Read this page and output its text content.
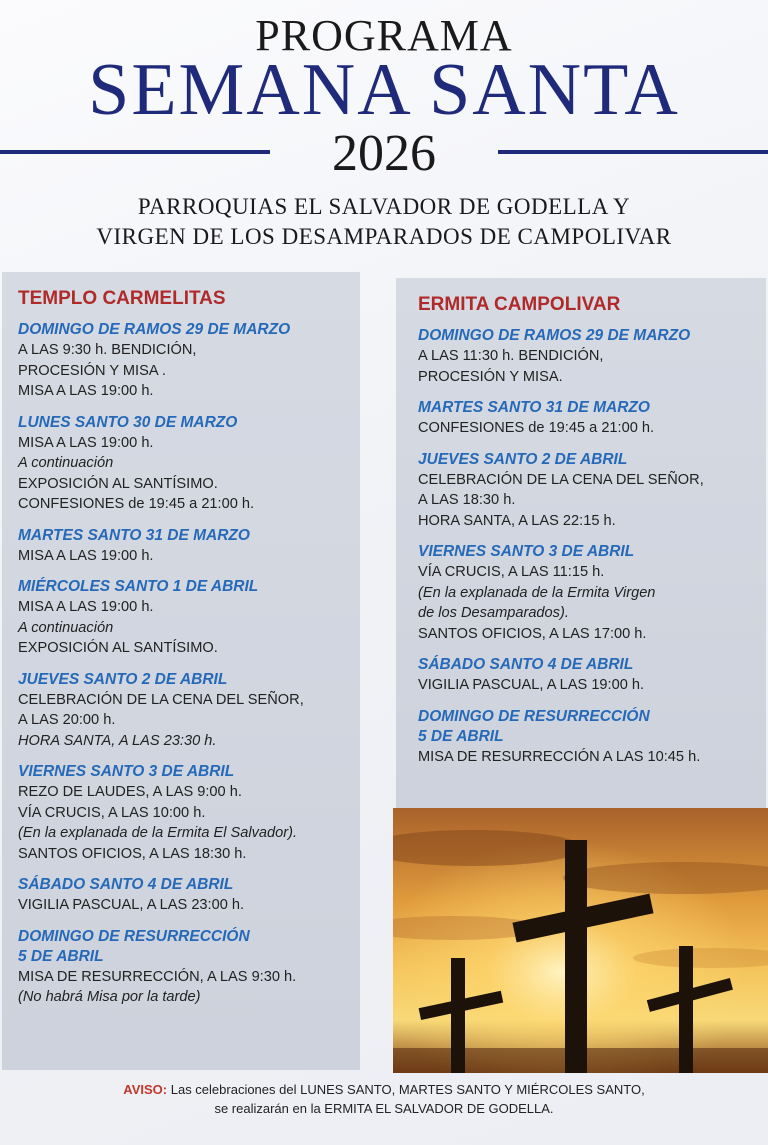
PROGRAMA
SEMANA SANTA
2026
PARROQUIAS EL SALVADOR DE GODELLA Y
VIRGEN DE LOS DESAMPARADOS DE CAMPOLIVAR
TEMPLO CARMELITAS
DOMINGO DE RAMOS 29 DE MARZO
A LAS 9:30 h. BENDICIÓN,
PROCESIÓN Y MISA .
MISA A LAS 19:00 h.
LUNES SANTO 30 DE MARZO
MISA A LAS 19:00 h.
A continuación
EXPOSICIÓN AL SANTÍSIMO.
CONFESIONES de 19:45 a 21:00 h.
MARTES SANTO 31 DE MARZO
MISA A LAS 19:00 h.
MIÉRCOLES SANTO 1 DE ABRIL
MISA A LAS 19:00 h.
A continuación
EXPOSICIÓN AL SANTÍSIMO.
JUEVES SANTO 2 DE ABRIL
CELEBRACIÓN DE LA CENA DEL SEÑOR,
A LAS 20:00 h.
HORA SANTA, A LAS 23:30 h.
VIERNES SANTO 3 DE ABRIL
REZO DE LAUDES, A LAS 9:00 h.
VÍA CRUCIS, A LAS 10:00 h.
(En la explanada de la Ermita El Salvador).
SANTOS OFICIOS, A LAS 18:30 h.
SÁBADO SANTO 4 DE ABRIL
VIGILIA PASCUAL, A LAS 23:00 h.
DOMINGO DE RESURRECCIÓN
5 DE ABRIL
MISA DE RESURRECCIÓN, A LAS 9:30 h.
(No habrá Misa por la tarde)
ERMITA CAMPOLIVAR
DOMINGO DE RAMOS 29 DE MARZO
A LAS 11:30 h. BENDICIÓN,
PROCESIÓN Y MISA.
MARTES SANTO 31 DE MARZO
CONFESIONES de 19:45 a 21:00 h.
JUEVES SANTO 2 DE ABRIL
CELEBRACIÓN DE LA CENA DEL SEÑOR,
A LAS 18:30 h.
HORA SANTA, A LAS 22:15 h.
VIERNES SANTO 3 DE ABRIL
VÍA CRUCIS, A LAS 11:15 h.
(En la explanada de la Ermita Virgen
de los Desamparados).
SANTOS OFICIOS, A LAS 17:00 h.
SÁBADO SANTO 4 DE ABRIL
VIGILIA PASCUAL, A LAS 19:00 h.
DOMINGO DE RESURRECCIÓN
5 DE ABRIL
MISA DE RESURRECCIÓN A LAS 10:45 h.
AVISO: Las celebraciones del LUNES SANTO, MARTES SANTO Y MIÉRCOLES SANTO,
se realizarán en la ERMITA EL SALVADOR DE GODELLA.
